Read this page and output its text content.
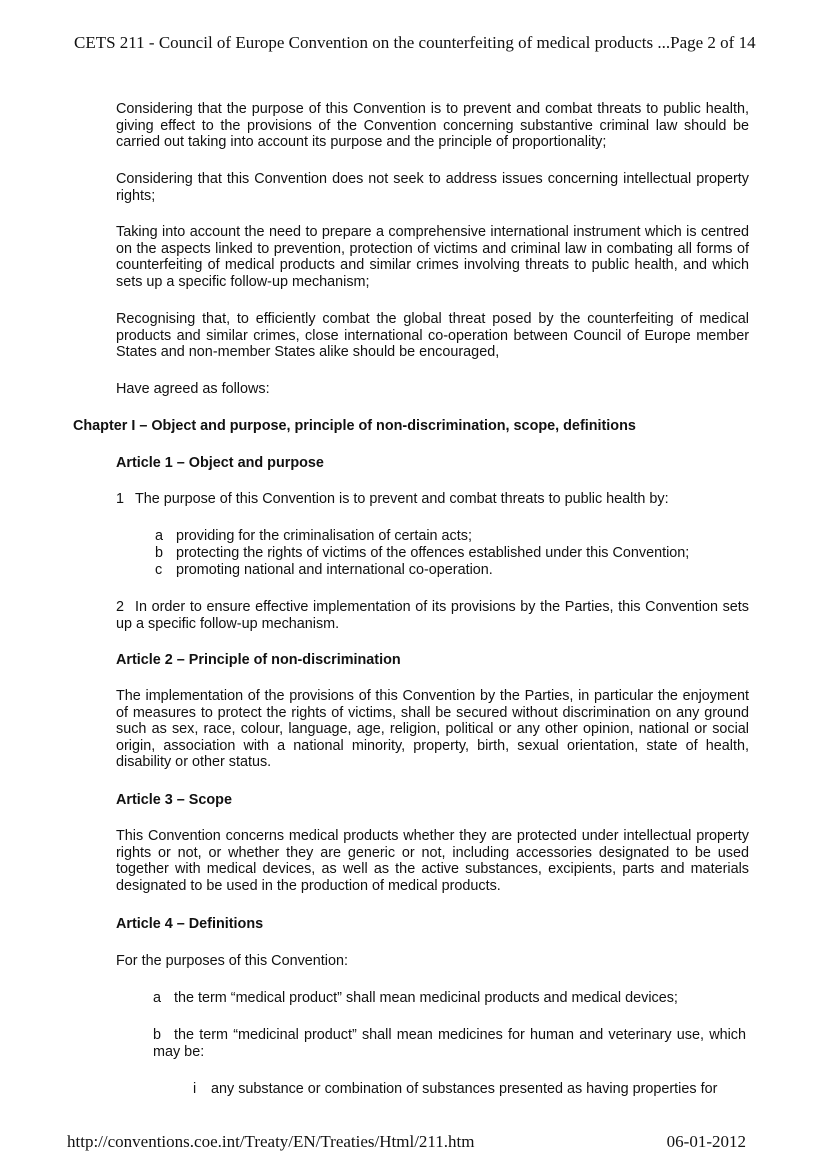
CETS 211 - Council of Europe Convention on the counterfeiting of medical products ... Page 2 of 14

Considering that the purpose of this Convention is to prevent and combat threats to public health, giving effect to the provisions of the Convention concerning substantive criminal law should be carried out taking into account its purpose and the principle of proportionality;

Considering that this Convention does not seek to address issues concerning intellectual property rights;

Taking into account the need to prepare a comprehensive international instrument which is centred on the aspects linked to prevention, protection of victims and criminal law in combating all forms of counterfeiting of medical products and similar crimes involving threats to public health, and which sets up a specific follow-up mechanism;

Recognising that, to efficiently combat the global threat posed by the counterfeiting of medical products and similar crimes, close international co-operation between Council of Europe member States and non-member States alike should be encouraged,

Have agreed as follows:

Chapter I – Object and purpose, principle of non-discrimination, scope, definitions

Article 1 – Object and purpose

1 The purpose of this Convention is to prevent and combat threats to public health by:

a providing for the criminalisation of certain acts;

b protecting the rights of victims of the offences established under this Convention;

c promoting national and international co-operation.

2 In order to ensure effective implementation of its provisions by the Parties, this Convention sets up a specific follow-up mechanism.

Article 2 – Principle of non-discrimination

The implementation of the provisions of this Convention by the Parties, in particular the enjoyment of measures to protect the rights of victims, shall be secured without discrimination on any ground such as sex, race, colour, language, age, religion, political or any other opinion, national or social origin, association with a national minority, property, birth, sexual orientation, state of health, disability or other status.

Article 3 – Scope

This Convention concerns medical products whether they are protected under intellectual property rights or not, or whether they are generic or not, including accessories designated to be used together with medical devices, as well as the active substances, excipients, parts and materials designated to be used in the production of medical products.

Article 4 – Definitions

For the purposes of this Convention:

a the term “medical product” shall mean medicinal products and medical devices;

b the term “medicinal product” shall mean medicines for human and veterinary use, which may be:

i any substance or combination of substances presented as having properties for

http://conventions.coe.int/Treaty/EN/Treaties/Html/211.htm	06-01-2012
